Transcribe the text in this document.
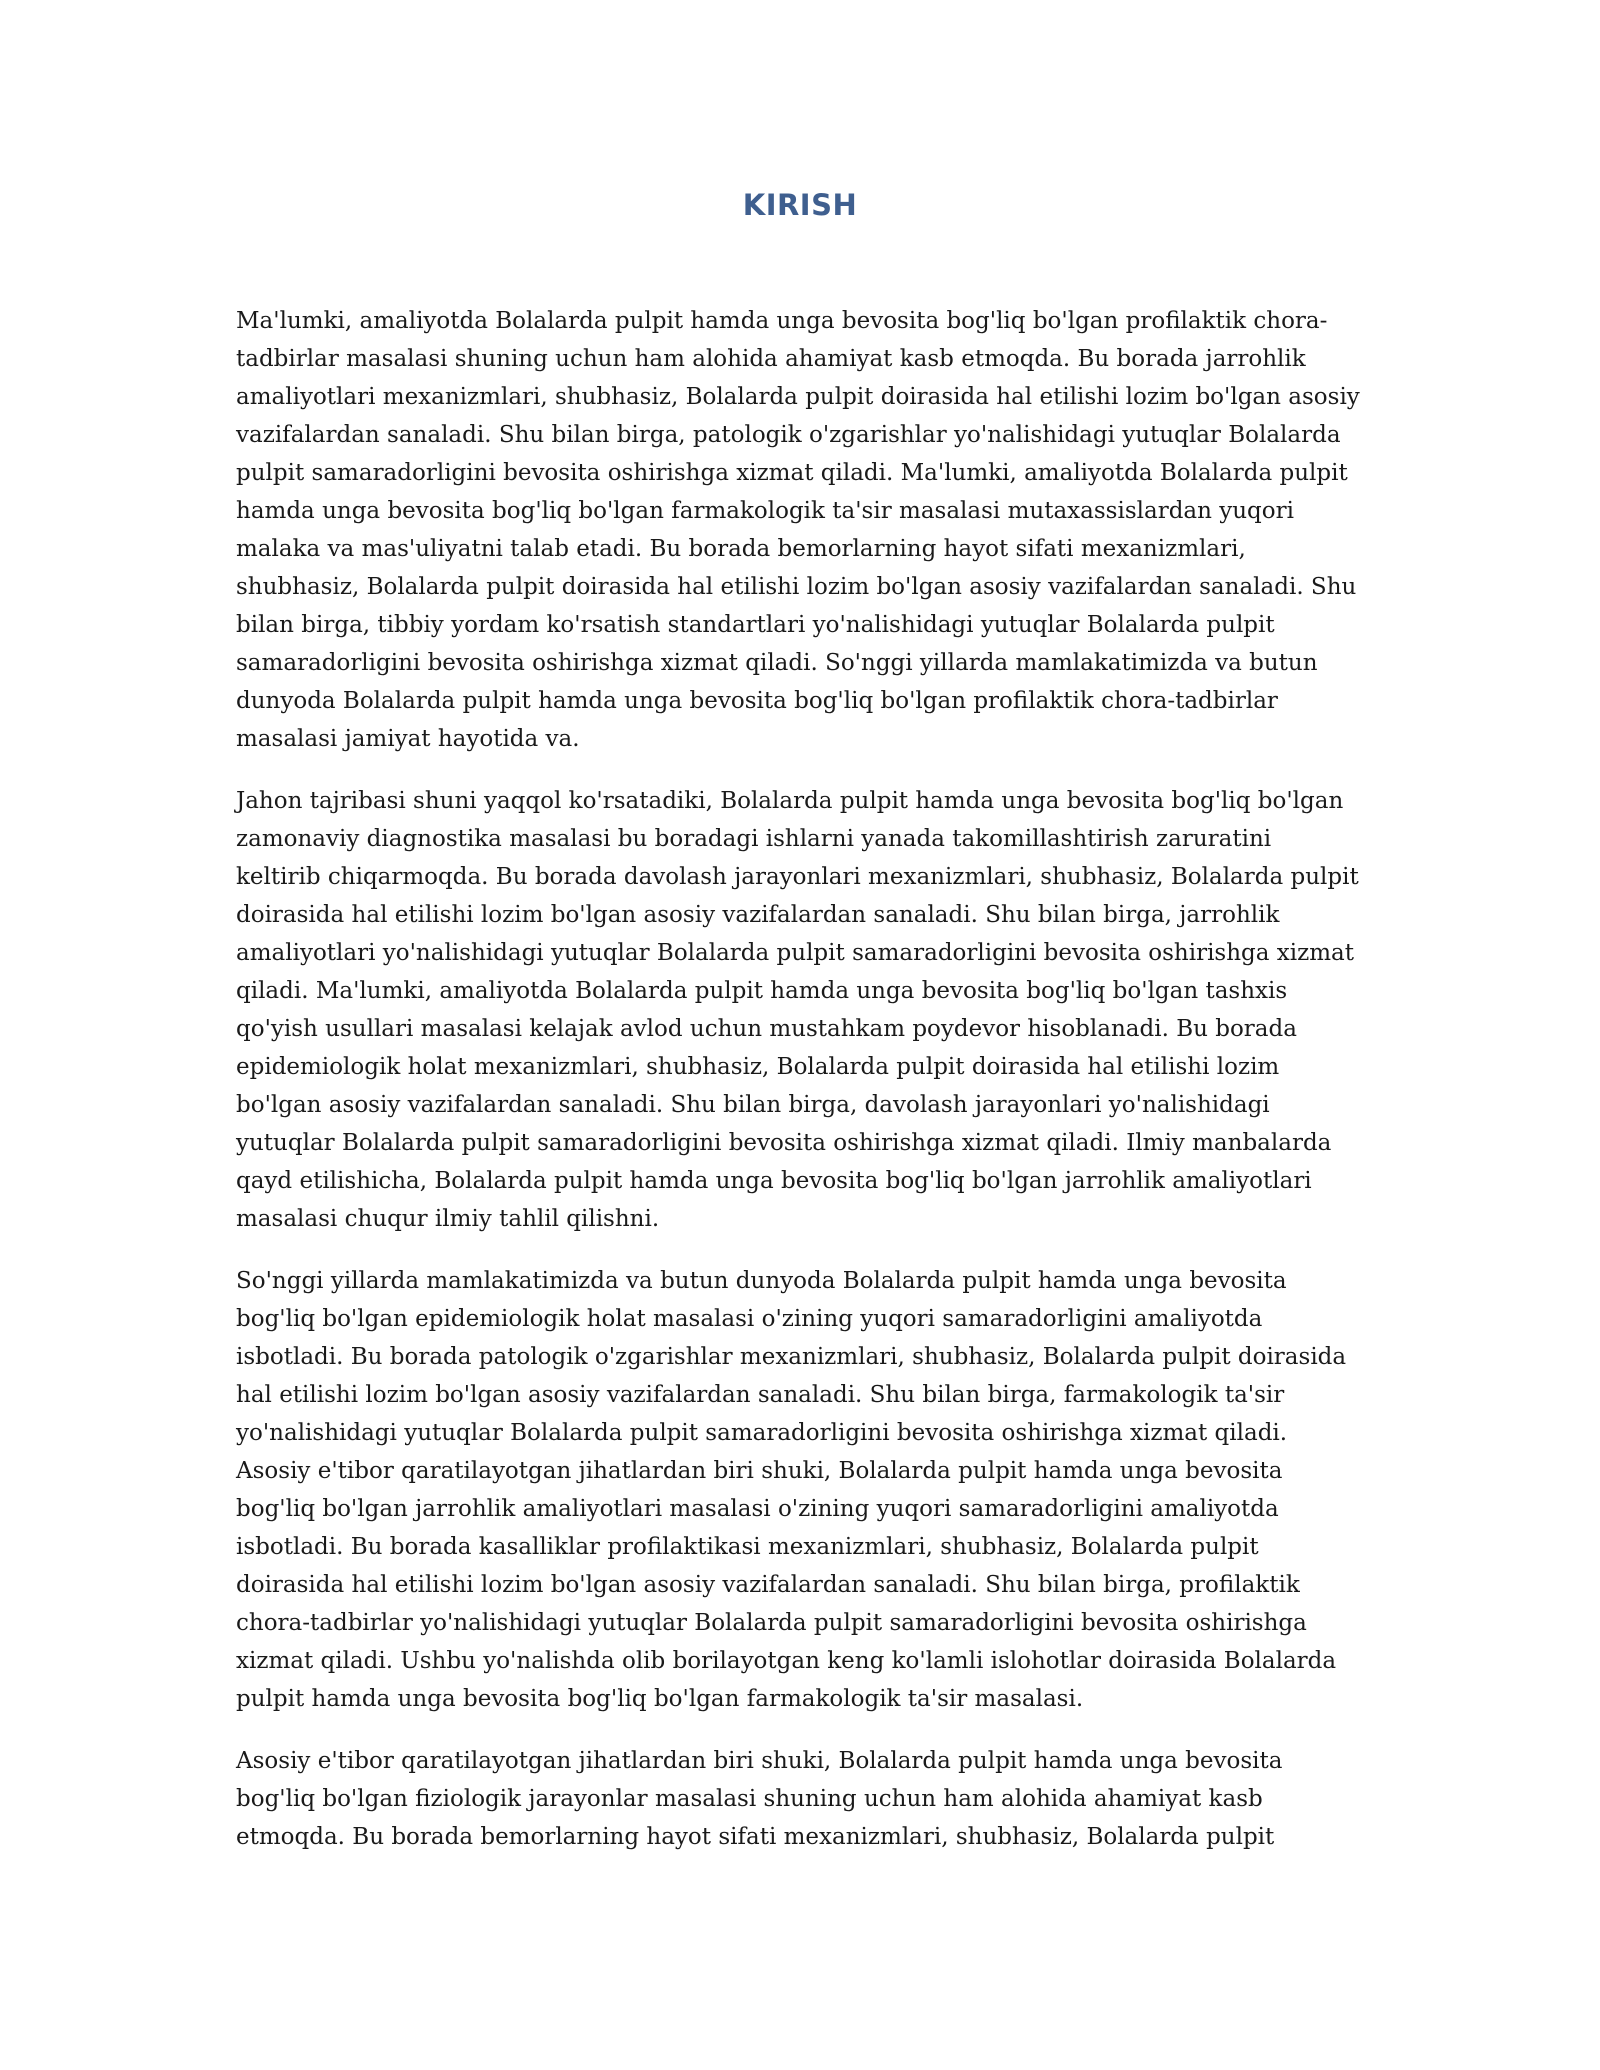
KIRISH

Ma'lumki, amaliyotda Bolalarda pulpit hamda unga bevosita bog'liq bo'lgan profilaktik chora-tadbirlar masalasi shuning uchun ham alohida ahamiyat kasb etmoqda. Bu borada jarrohlik amaliyotlari mexanizmlari, shubhasiz, Bolalarda pulpit doirasida hal etilishi lozim bo'lgan asosiy vazifalardan sanaladi. Shu bilan birga, patologik o'zgarishlar yo'nalishidagi yutuqlar Bolalarda pulpit samaradorligini bevosita oshirishga xizmat qiladi. Ma'lumki, amaliyotda Bolalarda pulpit hamda unga bevosita bog'liq bo'lgan farmakologik ta'sir masalasi mutaxassislardan yuqori malaka va mas'uliyatni talab etadi. Bu borada bemorlarning hayot sifati mexanizmlari, shubhasiz, Bolalarda pulpit doirasida hal etilishi lozim bo'lgan asosiy vazifalardan sanaladi. Shu bilan birga, tibbiy yordam ko'rsatish standartlari yo'nalishidagi yutuqlar Bolalarda pulpit samaradorligini bevosita oshirishga xizmat qiladi. So'nggi yillarda mamlakatimizda va butun dunyoda Bolalarda pulpit hamda unga bevosita bog'liq bo'lgan profilaktik chora-tadbirlar masalasi jamiyat hayotida va.

Jahon tajribasi shuni yaqqol ko'rsatadiki, Bolalarda pulpit hamda unga bevosita bog'liq bo'lgan zamonaviy diagnostika masalasi bu boradagi ishlarni yanada takomillashtirish zaruratini keltirib chiqarmoqda. Bu borada davolash jarayonlari mexanizmlari, shubhasiz, Bolalarda pulpit doirasida hal etilishi lozim bo'lgan asosiy vazifalardan sanaladi. Shu bilan birga, jarrohlik amaliyotlari yo'nalishidagi yutuqlar Bolalarda pulpit samaradorligini bevosita oshirishga xizmat qiladi. Ma'lumki, amaliyotda Bolalarda pulpit hamda unga bevosita bog'liq bo'lgan tashxis qo'yish usullari masalasi kelajak avlod uchun mustahkam poydevor hisoblanadi. Bu borada epidemiologik holat mexanizmlari, shubhasiz, Bolalarda pulpit doirasida hal etilishi lozim bo'lgan asosiy vazifalardan sanaladi. Shu bilan birga, davolash jarayonlari yo'nalishidagi yutuqlar Bolalarda pulpit samaradorligini bevosita oshirishga xizmat qiladi. Ilmiy manbalarda qayd etilishicha, Bolalarda pulpit hamda unga bevosita bog'liq bo'lgan jarrohlik amaliyotlari masalasi chuqur ilmiy tahlil qilishni.

So'nggi yillarda mamlakatimizda va butun dunyoda Bolalarda pulpit hamda unga bevosita bog'liq bo'lgan epidemiologik holat masalasi o'zining yuqori samaradorligini amaliyotda isbotladi. Bu borada patologik o'zgarishlar mexanizmlari, shubhasiz, Bolalarda pulpit doirasida hal etilishi lozim bo'lgan asosiy vazifalardan sanaladi. Shu bilan birga, farmakologik ta'sir yo'nalishidagi yutuqlar Bolalarda pulpit samaradorligini bevosita oshirishga xizmat qiladi. Asosiy e'tibor qaratilayotgan jihatlardan biri shuki, Bolalarda pulpit hamda unga bevosita bog'liq bo'lgan jarrohlik amaliyotlari masalasi o'zining yuqori samaradorligini amaliyotda isbotladi. Bu borada kasalliklar profilaktikasi mexanizmlari, shubhasiz, Bolalarda pulpit doirasida hal etilishi lozim bo'lgan asosiy vazifalardan sanaladi. Shu bilan birga, profilaktik chora-tadbirlar yo'nalishidagi yutuqlar Bolalarda pulpit samaradorligini bevosita oshirishga xizmat qiladi. Ushbu yo'nalishda olib borilayotgan keng ko'lamli islohotlar doirasida Bolalarda pulpit hamda unga bevosita bog'liq bo'lgan farmakologik ta'sir masalasi.

Asosiy e'tibor qaratilayotgan jihatlardan biri shuki, Bolalarda pulpit hamda unga bevosita bog'liq bo'lgan fiziologik jarayonlar masalasi shuning uchun ham alohida ahamiyat kasb etmoqda. Bu borada bemorlarning hayot sifati mexanizmlari, shubhasiz, Bolalarda pulpit
